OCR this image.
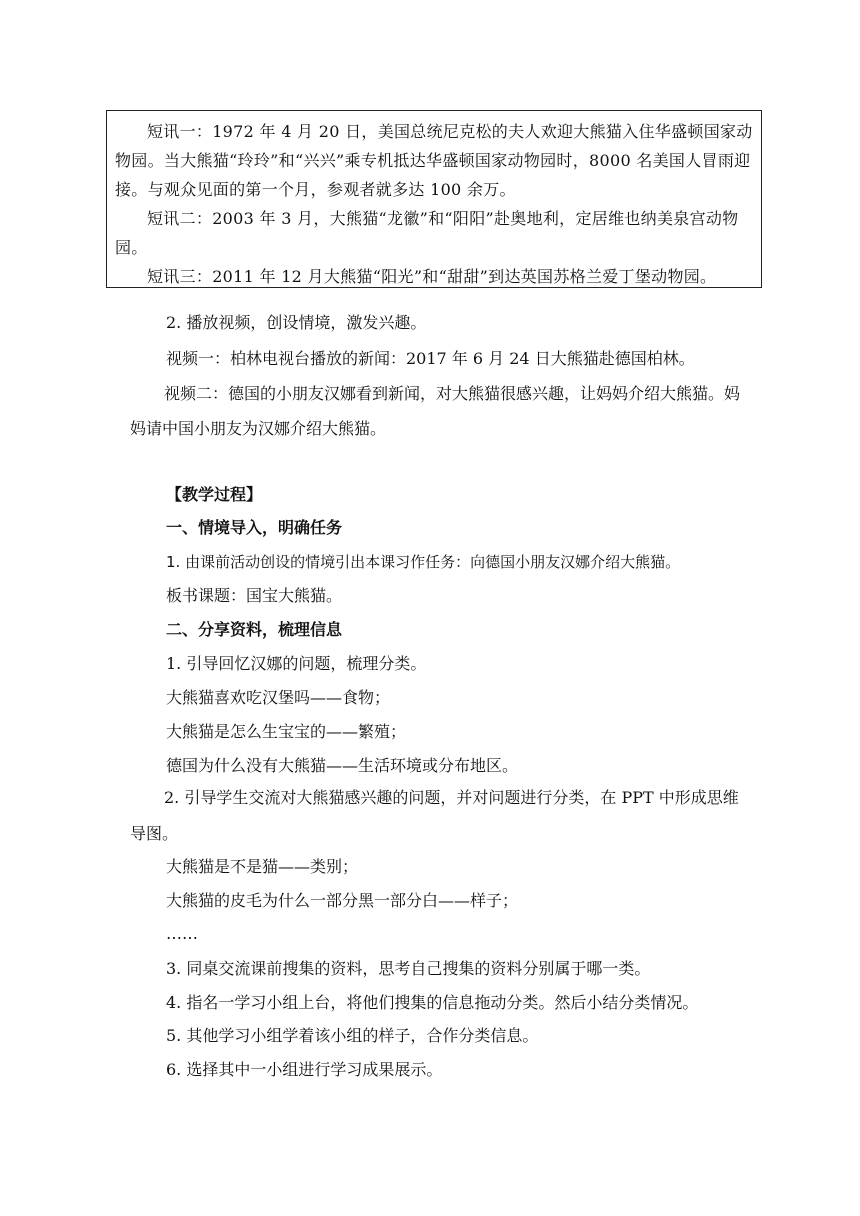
短讯一：1972 年 4 月 20 日，美国总统尼克松的夫人欢迎大熊猫入住华盛顿国家动物园。当大熊猫“玲玲”和“兴兴”乘专机抵达华盛顿国家动物园时，8000 名美国人冒雨迎接。与观众见面的第一个月，参观者就多达 100 余万。

短讯二：2003 年 3 月，大熊猫“龙徽”和“阳阳”赴奥地利，定居维也纳美泉宫动物园。

短讯三：2011 年 12 月大熊猫“阳光”和“甜甜”到达英国苏格兰爱丁堡动物园。

2. 播放视频，创设情境，激发兴趣。

视频一：柏林电视台播放的新闻：2017 年 6 月 24 日大熊猫赴德国柏林。

视频二：德国的小朋友汉娜看到新闻，对大熊猫很感兴趣，让妈妈介绍大熊猫。妈妈请中国小朋友为汉娜介绍大熊猫。

【教学过程】

一、情境导入，明确任务

1. 由课前活动创设的情境引出本课习作任务：向德国小朋友汉娜介绍大熊猫。

板书课题：国宝大熊猫。

二、分享资料，梳理信息

1. 引导回忆汉娜的问题，梳理分类。

大熊猫喜欢吃汉堡吗——食物；

大熊猫是怎么生宝宝的——繁殖；

德国为什么没有大熊猫——生活环境或分布地区。

2. 引导学生交流对大熊猫感兴趣的问题，并对问题进行分类，在 PPT 中形成思维导图。

大熊猫是不是猫——类别；

大熊猫的皮毛为什么一部分黑一部分白——样子；

……

3. 同桌交流课前搜集的资料，思考自己搜集的资料分别属于哪一类。

4. 指名一学习小组上台，将他们搜集的信息拖动分类。然后小结分类情况。

5. 其他学习小组学着该小组的样子，合作分类信息。

6. 选择其中一小组进行学习成果展示。
